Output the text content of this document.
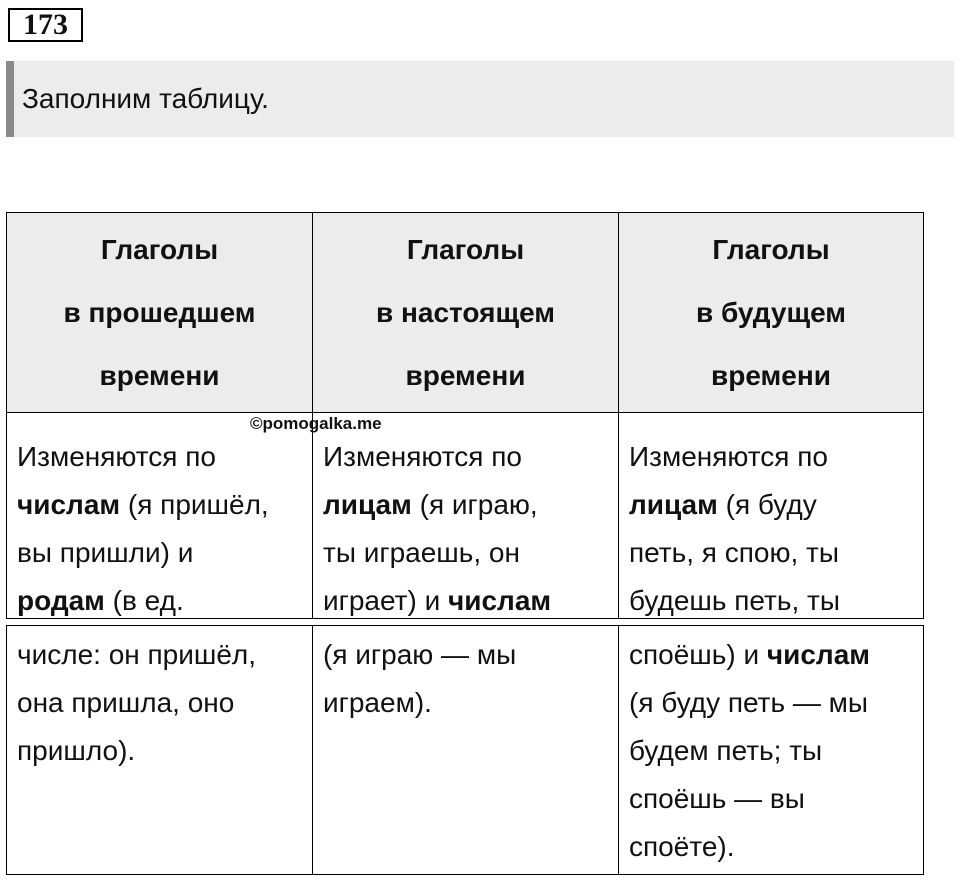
173
Заполним таблицу.
Глаголы
в прошедшем
времени
Глаголы
в настоящем
времени
Глаголы
в будущем
времени
Изменяются по
числам (я пришёл,
вы пришли) и
родам (в ед.
Изменяются по
лицам (я играю,
ты играешь, он
играет) и числам
Изменяются по
лицам (я буду
петь, я спою, ты
будешь петь, ты
числе: он пришёл,
она пришла, оно
пришло).
(я играю — мы
играем).
споёшь) и числам
(я буду петь — мы
будем петь; ты
споёшь — вы
споёте).
©pomogalka.me
